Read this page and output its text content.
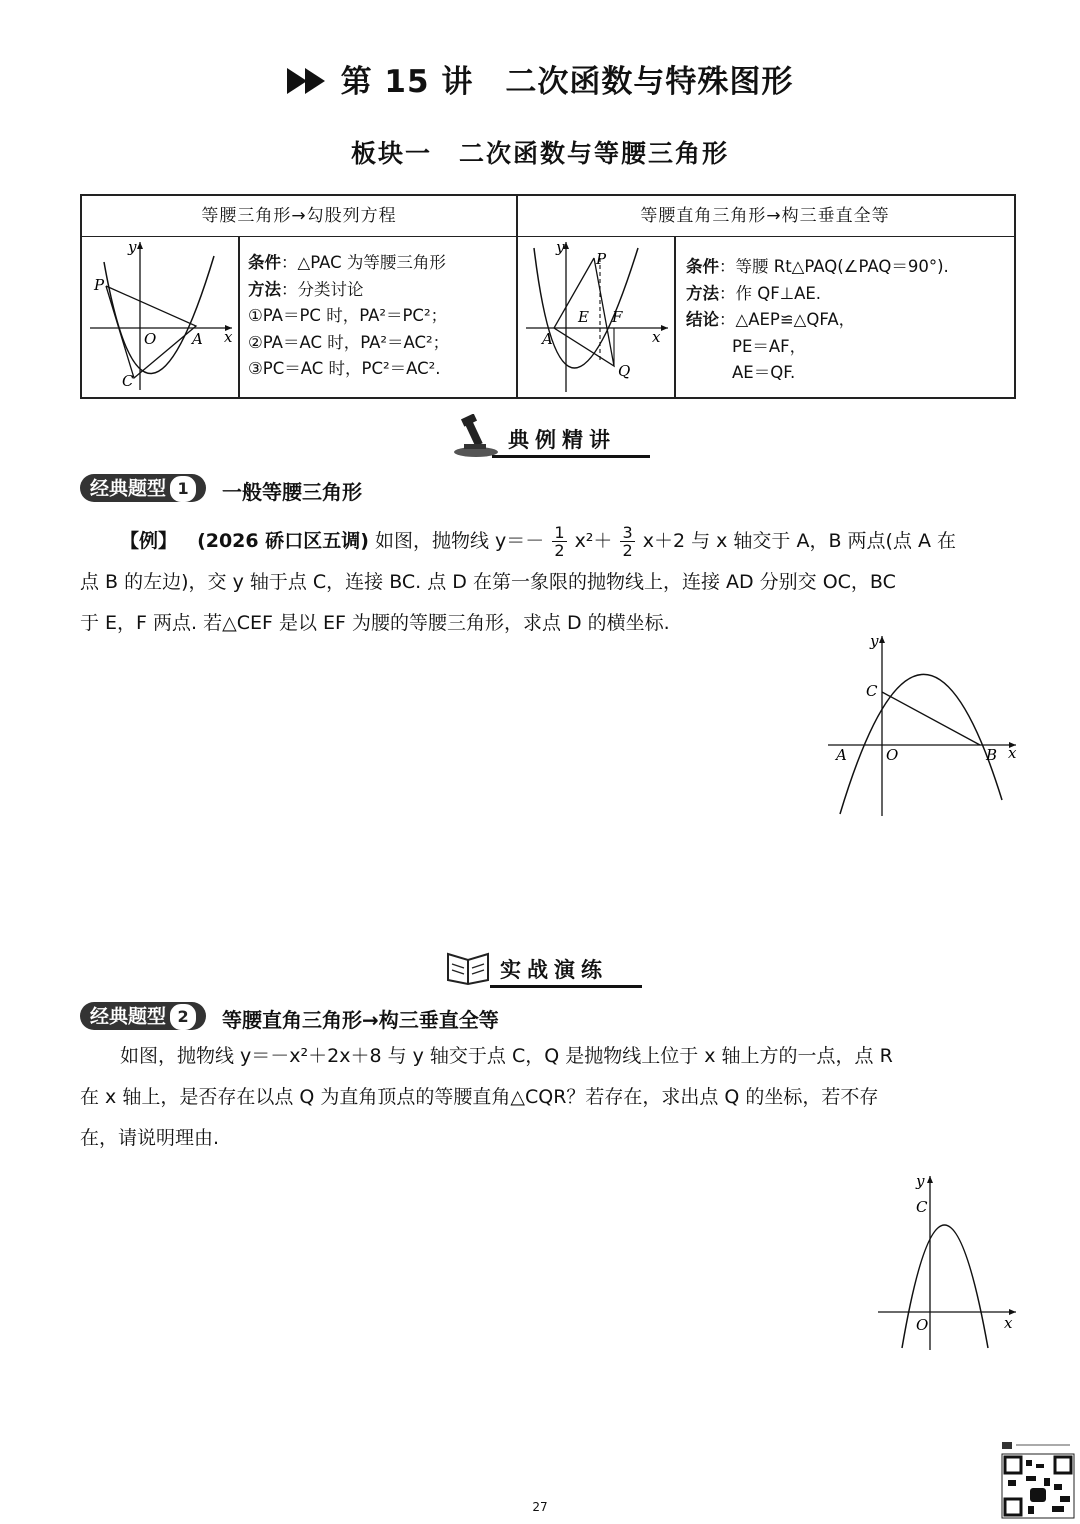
第 15 讲　二次函数与特殊图形
板块一　二次函数与等腰三角形
等腰三角形→勾股列方程	等腰直角三角形→构三垂直全等
y
x
O
P
A
C
条件：△PAC 为等腰三角形
方法：分类讨论
①PA＝PC 时，PA²＝PC²；
②PA＝AC 时，PA²＝AC²；
③PC＝AC 时，PC²＝AC².
y
x
P
E F
A
Q
条件：等腰 Rt△PAQ(∠PAQ＝90°).
方法：作 QF⊥AE.
结论：△AEP≌△QFA，
PE＝AF，
AE＝QF.
典例精讲
经典题型 1	一般等腰三角形
【例】 (2026 硚口区五调) 如图，抛物线 $y=- \frac{1}{2} x^2+ \frac{3}{2} x+2$ 与 x 轴交于 A，B 两点(点 A 在
点 B 的左边)，交 y 轴于点 C，连接 BC. 点 D 在第一象限的抛物线上，连接 AD 分别交 OC，BC
于 E，F 两点. 若△CEF 是以 EF 为腰的等腰三角形，求点 D 的横坐标.
y
x
O
A	B
C
实战演练
经典题型 2	等腰直角三角形→构三垂直全等
如图，抛物线 y＝－x²＋2x＋8 与 y 轴交于点 C，Q 是抛物线上位于 x 轴上方的一点，点 R
在 x 轴上，是否存在以点 Q 为直角顶点的等腰直角△CQR？若存在，求出点 Q 的坐标，若不存
在，请说明理由.
y
x
O
C
27
